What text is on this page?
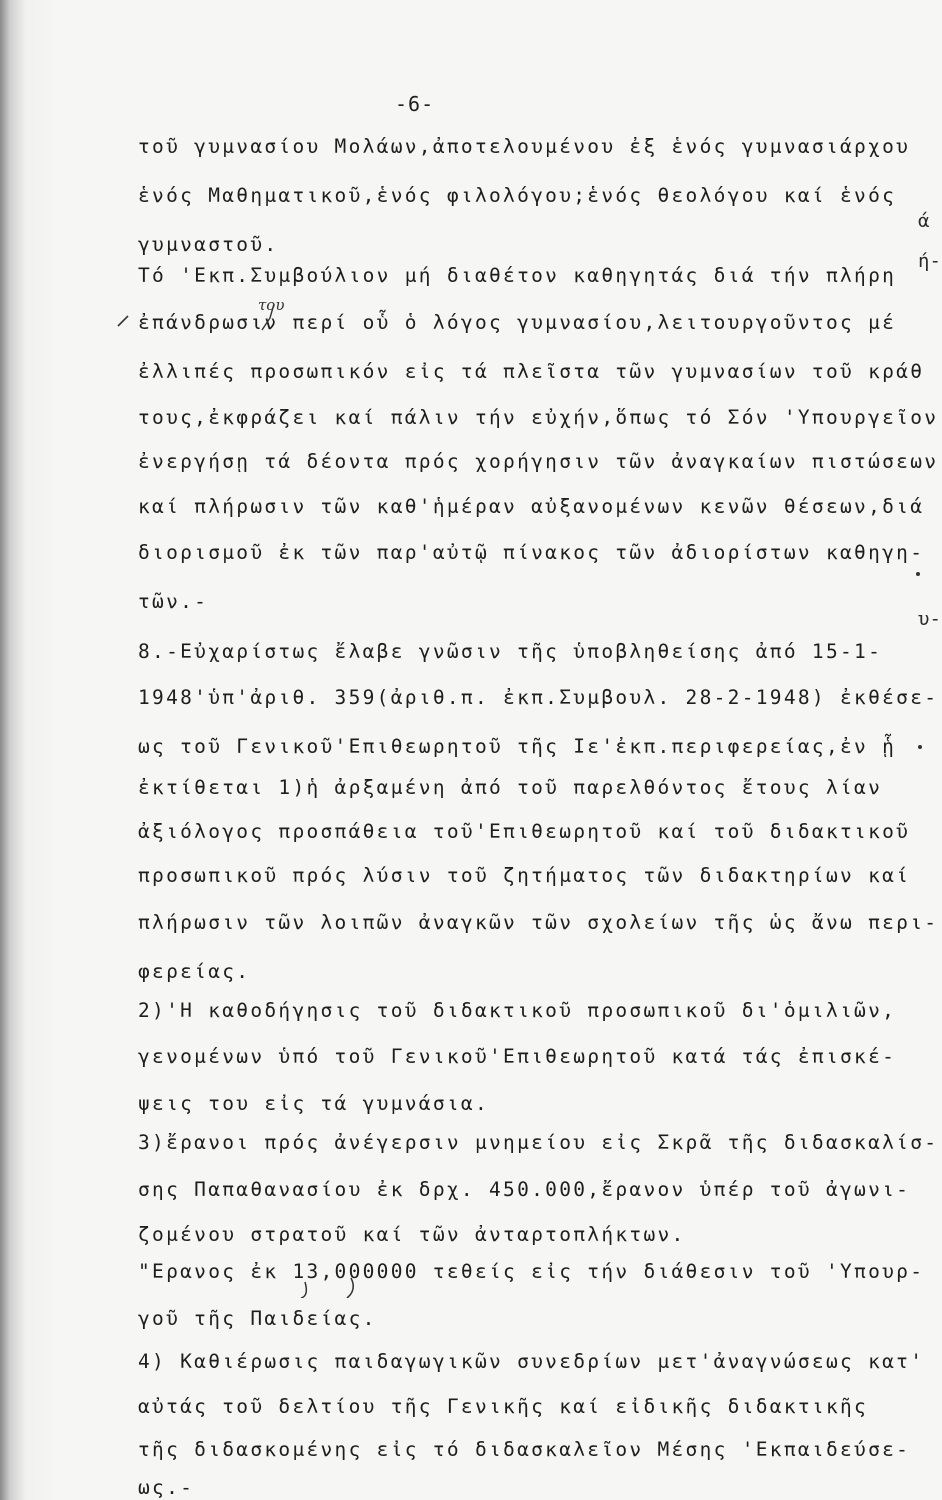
-6-
τοῦ γυμνασίου Μολάων,ἀποτελουμένου ἐξ ἑνός γυμνασιάρχου
ἑνός Μαθηματικοῦ,ἑνός φιλολόγου;ἑνός θεολόγου καί ἑνός
γυμναστοῦ.
Τό 'Εκπ.Συμβούλιον μή διαθέτον καθηγητάς διά τήν πλήρη
ἐπάνδρωσιν περί οὗ ὁ λόγος γυμνασίου,λειτουργοῦντος μέ
ἐλλιπές προσωπικόν εἰς τά πλεῖστα τῶν γυμνασίων τοῦ κράθ
τους,ἐκφράζει καί πάλιν τήν εὐχήν,ὅπως τό Σόν 'Υπουργεῖον
ἐνεργήσῃ τά δέοντα πρός χορήγησιν τῶν ἀναγκαίων πιστώσεων
καί πλήρωσιν τῶν καθ'ἡμέραν αὐξανομένων κενῶν θέσεων,διά
διορισμοῦ ἐκ τῶν παρ'αὐτῷ πίνακος τῶν ἀδιορίστων καθηγη-
τῶν.-
8.-Εὐχαρίστως ἔλαβε γνῶσιν τῆς ὑποβληθείσης ἀπό 15-1-
1948'ὑπ'ἀριθ. 359(ἀριθ.π. ἐκπ.Συμβουλ. 28-2-1948) ἐκθέσε-
ως τοῦ Γενικοῦ'Επιθεωρητοῦ τῆς Ιε'ἐκπ.περιφερείας,ἐν ᾗ
ἐκτίθεται 1)ἡ ἀρξαμένη ἀπό τοῦ παρελθόντος ἔτους λίαν
ἀξιόλογος προσπάθεια τοῦ'Επιθεωρητοῦ καί τοῦ διδακτικοῦ
προσωπικοῦ πρός λύσιν τοῦ ζητήματος τῶν διδακτηρίων καί
πλήρωσιν τῶν λοιπῶν ἀναγκῶν τῶν σχολείων τῆς ὡς ἄνω περι-
φερείας.
2)'Η καθοδήγησις τοῦ διδακτικοῦ προσωπικοῦ δι'ὁμιλιῶν,
γενομένων ὑπό τοῦ Γενικοῦ'Επιθεωρητοῦ κατά τάς ἐπισκέ-
ψεις του εἰς τά γυμνάσια.
3)ἔρανοι πρός ἀνέγερσιν μνημείου εἰς Σκρᾶ τῆς διδασκαλίσ-
σης Παπαθανασίου ἐκ δρχ. 450.000,ἔρανον ὑπέρ τοῦ ἀγωνι-
ζομένου στρατοῦ καί τῶν ἀνταρτοπλήκτων.
"Ερανος ἐκ 13,000000 τεθείς εἰς τήν διάθεσιν τοῦ 'Υπουρ-
γοῦ τῆς Παιδείας.
4) Καθιέρωσις παιδαγωγικῶν συνεδρίων μετ'ἀναγνώσεως κατ'
αὐτάς τοῦ δελτίου τῆς Γενικῆς καί εἰδικῆς διδακτικῆς
τῆς διδασκομένης εἰς τό διδασκαλεῖον Μέσης 'Εκπαιδεύσε-
ως.-
του
ά
ή-
υ-
